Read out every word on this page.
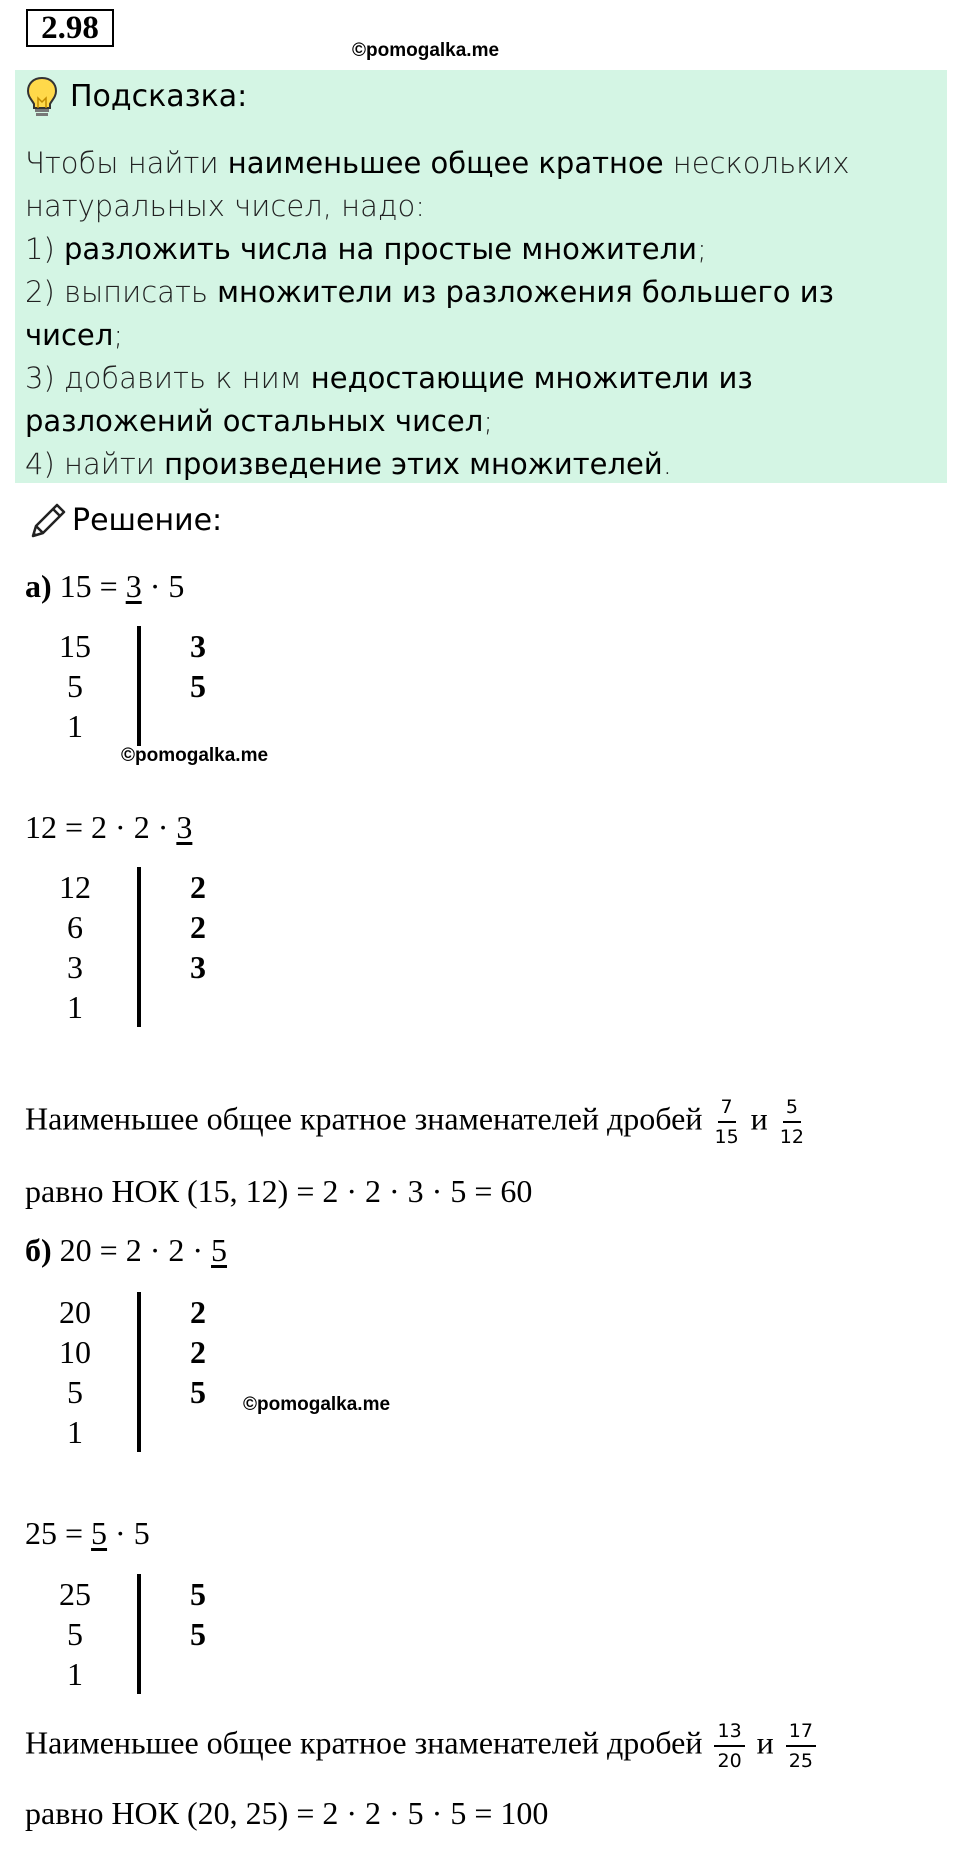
2.98
©pomogalka.me
Подсказка:
Чтобы найти наименьшее общее кратное нескольких натуральных чисел, надо:
1) разложить числа на простые множители;
2) выписать множители из разложения большего из чисел;
3) добавить к ним недостающие множители из разложений остальных чисел;
4) найти произведение этих множителей.
Решение:
а) 15 = 3 · 5
15
5
1
3
5
©pomogalka.me
12 = 2 · 2 · 3
12
6
3
1
2
2
3
Наименьшее общее кратное знаменателей дробей $\frac{7}{15}$ и $\frac{5}{12}$
равно НОК (15, 12) = 2 · 2 · 3 · 5 = 60
б) 20 = 2 · 2 · 5
20
10
5
1
2
2
5 ©pomogalka.me
25 = 5 · 5
25
5
1
5
5
Наименьшее общее кратное знаменателей дробей $\frac{13}{20}$ и $\frac{17}{25}$
равно НОК (20, 25) = 2 · 2 · 5 · 5 = 100
